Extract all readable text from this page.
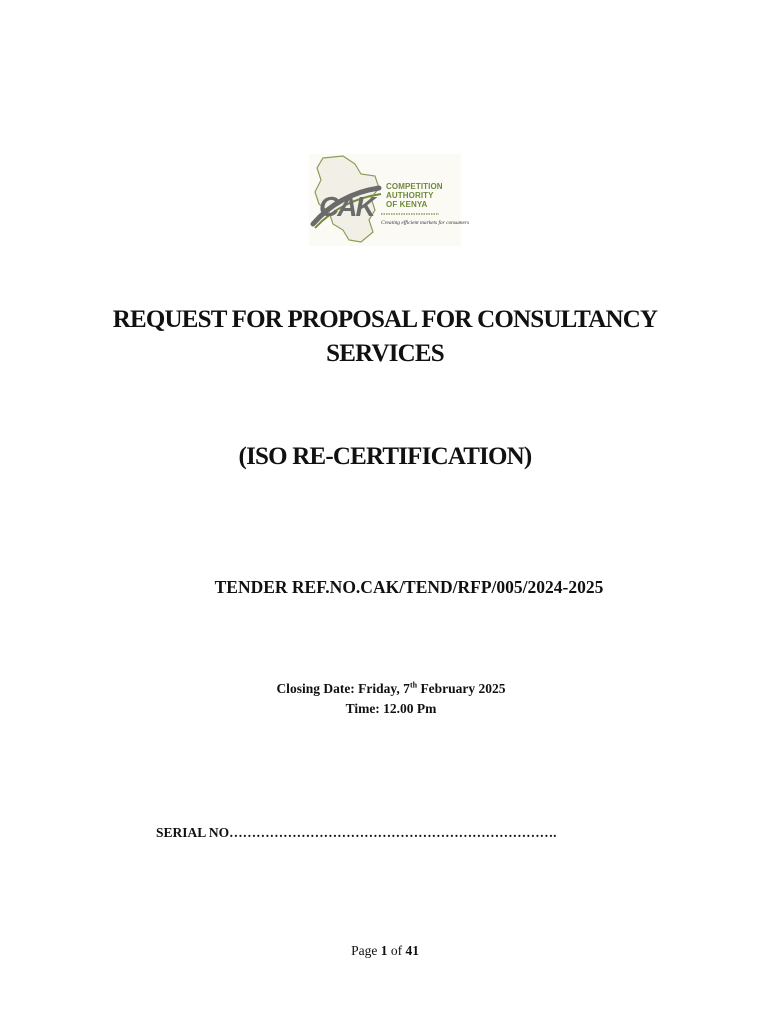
CAK
COMPETITION
AUTHORITY
OF KENYA
Creating efficient markets for consumers
REQUEST FOR PROPOSAL FOR CONSULTANCY
SERVICES
(ISO RE-CERTIFICATION)
TENDER REF.NO.CAK/TEND/RFP/005/2024-2025
Closing Date: Friday, 7th February 2025
Time: 12.00 Pm
SERIAL NO……………………………………………………………….
Page 1 of 41
